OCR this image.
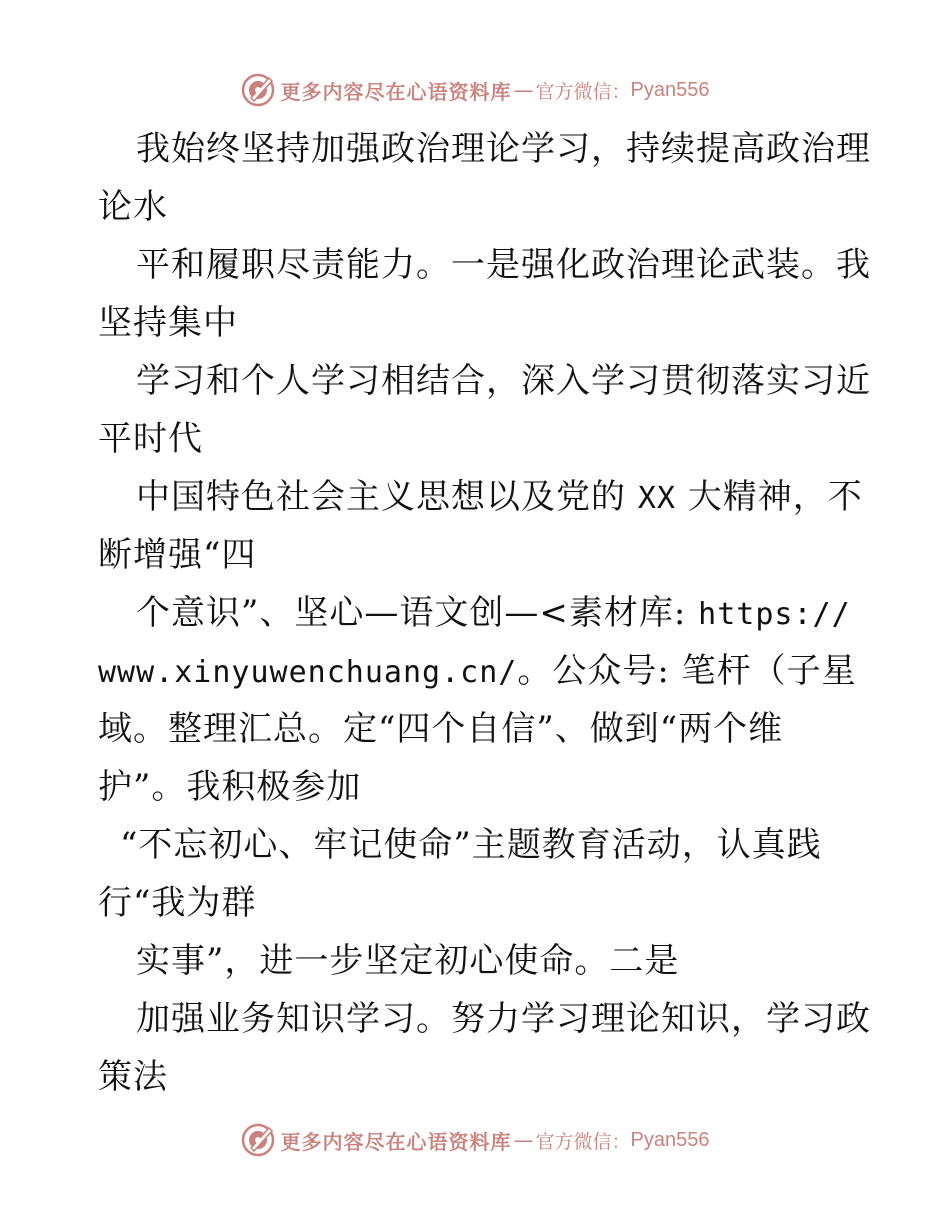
更多内容尽在心语资料库 — 官方微信： Pyan556
我始终坚持加强政治理论学习，持续提高政治理
论水
平和履职尽责能力。一是强化政治理论武装。我
坚持集中
学习和个人学习相结合，深入学习贯彻落实习近
平时代
中国特色社会主义思想以及党的 XX 大精神，不
断增强“四
个意识”、坚心—语文创—<素材库: https://
www.xinyuwenchuang.cn/。公众号: 笔杆（子星
域。整理汇总。定“四个自信”、做到“两个维
护”。我积极参加
“不忘初心、牢记使命”主题教育活动，认真践
行“我为群
实事”，进一步坚定初心使命。二是
加强业务知识学习。努力学习理论知识，学习政
策法
更多内容尽在心语资料库 — 官方微信： Pyan556
